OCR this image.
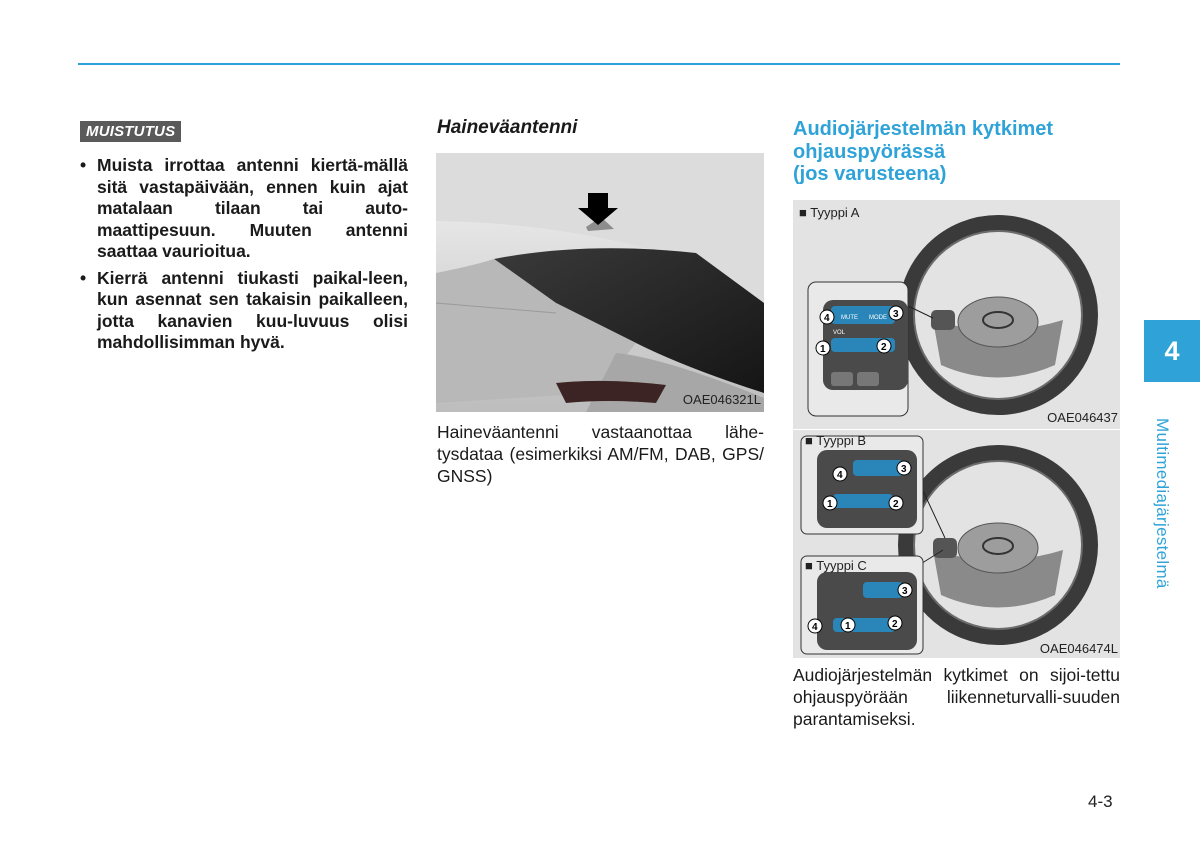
MUISTUTUS
• Muista irrottaa antenni kiertä-mällä sitä vastapäivään, ennen kuin ajat matalaan tilaan tai auto-maattipesuun. Muuten antenni saattaa vaurioitua.
• Kierrä antenni tiukasti paikal-leen, kun asennat sen takaisin paikalleen, jotta kanavien kuu-luvuus olisi mahdollisimman hyvä.
Haineväantenni
OAE046321L
Haineväantenni vastaanottaa lähe-tysdataa (esimerkiksi AM/FM, DAB, GPS/ GNSS)
Audiojärjestelmän kytkimet
ohjauspyörässä
(jos varusteena)
■ Tyyppi A
4	3
1	2
MUTE MODE
VOL
OAE046437
4
3
1	2
3
4	1	2
■ Tyyppi B
■ Tyyppi C
OAE046474L
Audiojärjestelmän kytkimet on sijoi-tettu ohjauspyörään liikenneturvalli-suuden parantamiseksi.
4
Multimediajärjestelmä
4-3
